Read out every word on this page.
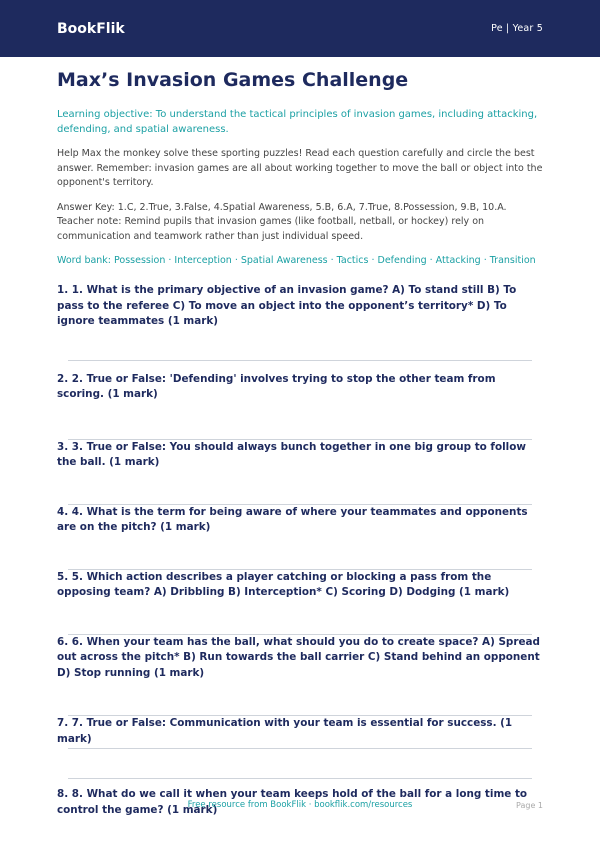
BookFlik	Pe | Year 5
Max’s Invasion Games Challenge
Learning objective: To understand the tactical principles of invasion games, including attacking, defending, and spatial awareness.
Help Max the monkey solve these sporting puzzles! Read each question carefully and circle the best answer. Remember: invasion games are all about working together to move the ball or object into the opponent's territory.
Answer Key: 1.C, 2.True, 3.False, 4.Spatial Awareness, 5.B, 6.A, 7.True, 8.Possession, 9.B, 10.A. Teacher note: Remind pupils that invasion games (like football, netball, or hockey) rely on communication and teamwork rather than just individual speed.
Word bank: Possession · Interception · Spatial Awareness · Tactics · Defending · Attacking · Transition
1. 1. What is the primary objective of an invasion game? A) To stand still B) To pass to the referee C) To move an object into the opponent’s territory* D) To ignore teammates (1 mark)
2. 2. True or False: 'Defending' involves trying to stop the other team from scoring. (1 mark)
3. 3. True or False: You should always bunch together in one big group to follow the ball. (1 mark)
4. 4. What is the term for being aware of where your teammates and opponents are on the pitch? (1 mark)
5. 5. Which action describes a player catching or blocking a pass from the opposing team? A) Dribbling B) Interception* C) Scoring D) Dodging (1 mark)
6. 6. When your team has the ball, what should you do to create space? A) Spread out across the pitch* B) Run towards the ball carrier C) Stand behind an opponent D) Stop running (1 mark)
7. 7. True or False: Communication with your team is essential for success. (1 mark)
8. 8. What do we call it when your team keeps hold of the ball for a long time to control the game? (1 mark)
Free resource from BookFlik · bookflik.com/resources	Page 1
